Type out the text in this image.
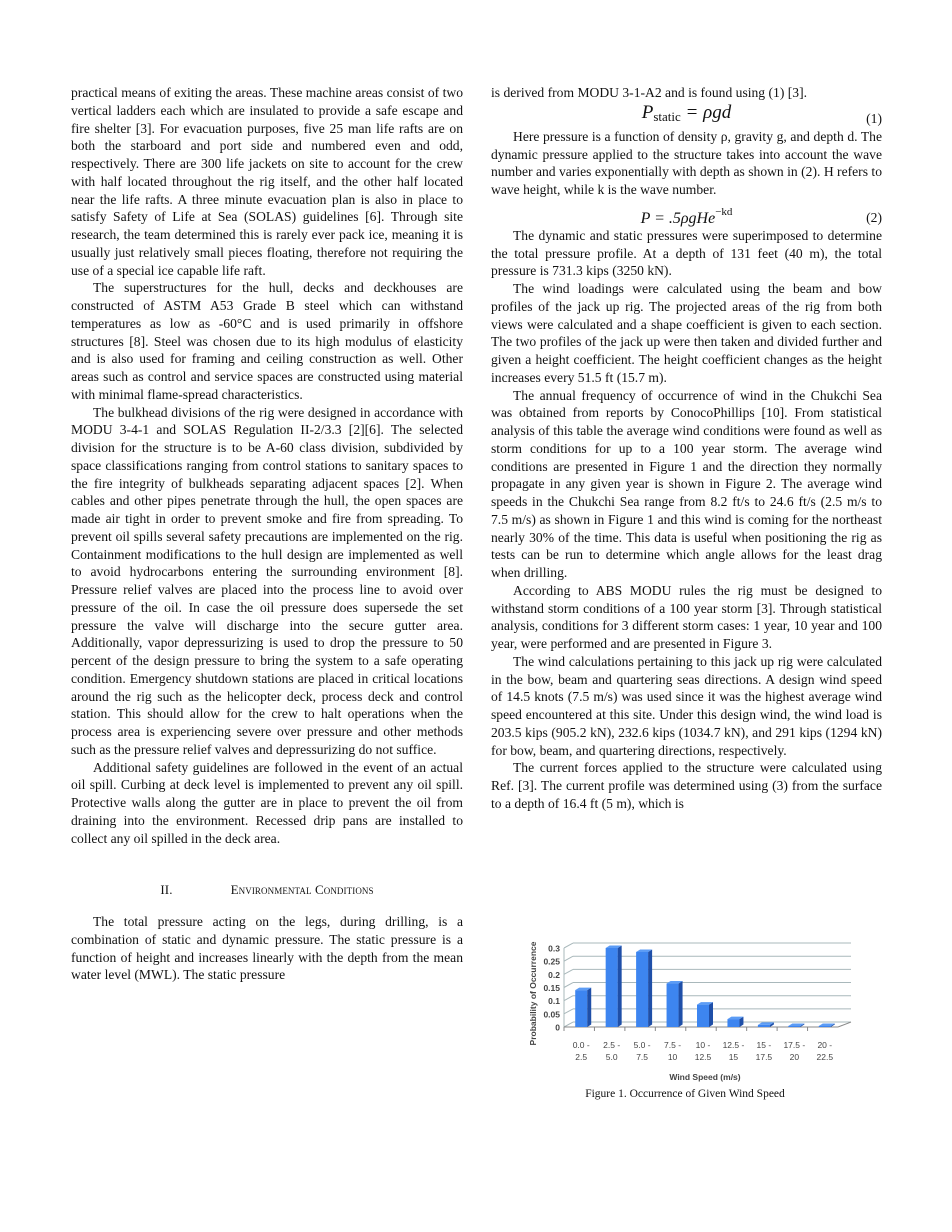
practical means of exiting the areas. These machine areas consist of two vertical ladders each which are insulated to provide a safe escape and fire shelter [3]. For evacuation purposes, five 25 man life rafts are on both the starboard and port side and numbered even and odd, respectively. There are 300 life jackets on site to account for the crew with half located throughout the rig itself, and the other half located near the life rafts. A three minute evacuation plan is also in place to satisfy Safety of Life at Sea (SOLAS) guidelines [6]. Through site research, the team determined this is rarely ever pack ice, meaning it is usually just relatively small pieces floating, therefore not requiring the use of a special ice capable life raft.

The superstructures for the hull, decks and deckhouses are constructed of ASTM A53 Grade B steel which can withstand temperatures as low as -60°C and is used primarily in offshore structures [8]. Steel was chosen due to its high modulus of elasticity and is also used for framing and ceiling construction as well. Other areas such as control and service spaces are constructed using material with minimal flame-spread characteristics.

The bulkhead divisions of the rig were designed in accordance with MODU 3-4-1 and SOLAS Regulation II-2/3.3 [2][6]. The selected division for the structure is to be A-60 class division, subdivided by space classifications ranging from control stations to sanitary spaces to the fire integrity of bulkheads separating adjacent spaces [2]. When cables and other pipes penetrate through the hull, the open spaces are made air tight in order to prevent smoke and fire from spreading. To prevent oil spills several safety precautions are implemented on the rig. Containment modifications to the hull design are implemented as well to avoid hydrocarbons entering the surrounding environment [8]. Pressure relief valves are placed into the process line to avoid over pressure of the oil. In case the oil pressure does supersede the set pressure the valve will discharge into the secure gutter area. Additionally, vapor depressurizing is used to drop the pressure to 50 percent of the design pressure to bring the system to a safe operating condition. Emergency shutdown stations are placed in critical locations around the rig such as the helicopter deck, process deck and control station. This should allow for the crew to halt operations when the process area is experiencing severe over pressure and other methods such as the pressure relief valves and depressurizing do not suffice.

Additional safety guidelines are followed in the event of an actual oil spill. Curbing at deck level is implemented to prevent any oil spill. Protective walls along the gutter are in place to prevent the oil from draining into the environment. Recessed drip pans are installed to collect any oil spilled in the deck area.

II.	Environmental Conditions

The total pressure acting on the legs, during drilling, is a combination of static and dynamic pressure. The static pressure is a function of height and increases linearly with the depth from the mean water level (MWL). The static pressure

is derived from MODU 3-1-A2 and is found using (1) [3].

$P_{static} = \rho gd$	(1)

Here pressure is a function of density ρ, gravity g, and depth d. The dynamic pressure applied to the structure takes into account the wave number and varies exponentially with depth as shown in (2). H refers to wave height, while k is the wave number.

P = .5ρgHe$^{-kd}$	(2)

The dynamic and static pressures were superimposed to determine the total pressure profile. At a depth of 131 feet (40 m), the total pressure is 731.3 kips (3250 kN).

The wind loadings were calculated using the beam and bow profiles of the jack up rig. The projected areas of the rig from both views were calculated and a shape coefficient is given to each section. The two profiles of the jack up were then taken and divided further and given a height coefficient. The height coefficient changes as the height increases every 51.5 ft (15.7 m).

The annual frequency of occurrence of wind in the Chukchi Sea was obtained from reports by ConocoPhillips [10]. From statistical analysis of this table the average wind conditions were found as well as storm conditions for up to a 100 year storm. The average wind conditions are presented in Figure 1 and the direction they normally propagate in any given year is shown in Figure 2. The average wind speeds in the Chukchi Sea range from 8.2 ft/s to 24.6 ft/s (2.5 m/s to 7.5 m/s) as shown in Figure 1 and this wind is coming for the northeast nearly 30% of the time. This data is useful when positioning the rig as tests can be run to determine which angle allows for the least drag when drilling.

According to ABS MODU rules the rig must be designed to withstand storm conditions of a 100 year storm [3]. Through statistical analysis, conditions for 3 different storm cases: 1 year, 10 year and 100 year, were performed and are presented in Figure 3.

The wind calculations pertaining to this jack up rig were calculated in the bow, beam and quartering seas directions. A design wind speed of 14.5 knots (7.5 m/s) was used since it was the highest average wind speed encountered at this site. Under this design wind, the wind load is 203.5 kips (905.2 kN), 232.6 kips (1034.7 kN), and 291 kips (1294 kN) for bow, beam, and quartering directions, respectively.

The current forces applied to the structure were calculated using Ref. [3]. The current profile was determined using (3) from the surface to a depth of 16.4 ft (5 m), which is

0
0.05
0.1
0.15
0.2
0.25
0.3
0.0 -
2.5
2.5 -
5.0
5.0 -
7.5
7.5 -
10
10 -
12.5
12.5 -
15
15 -
17.5
17.5 -
20
20 -
22.5
Wind Speed (m/s)
Probability of Occurrence
Figure 1. Occurrence of Given Wind Speed
